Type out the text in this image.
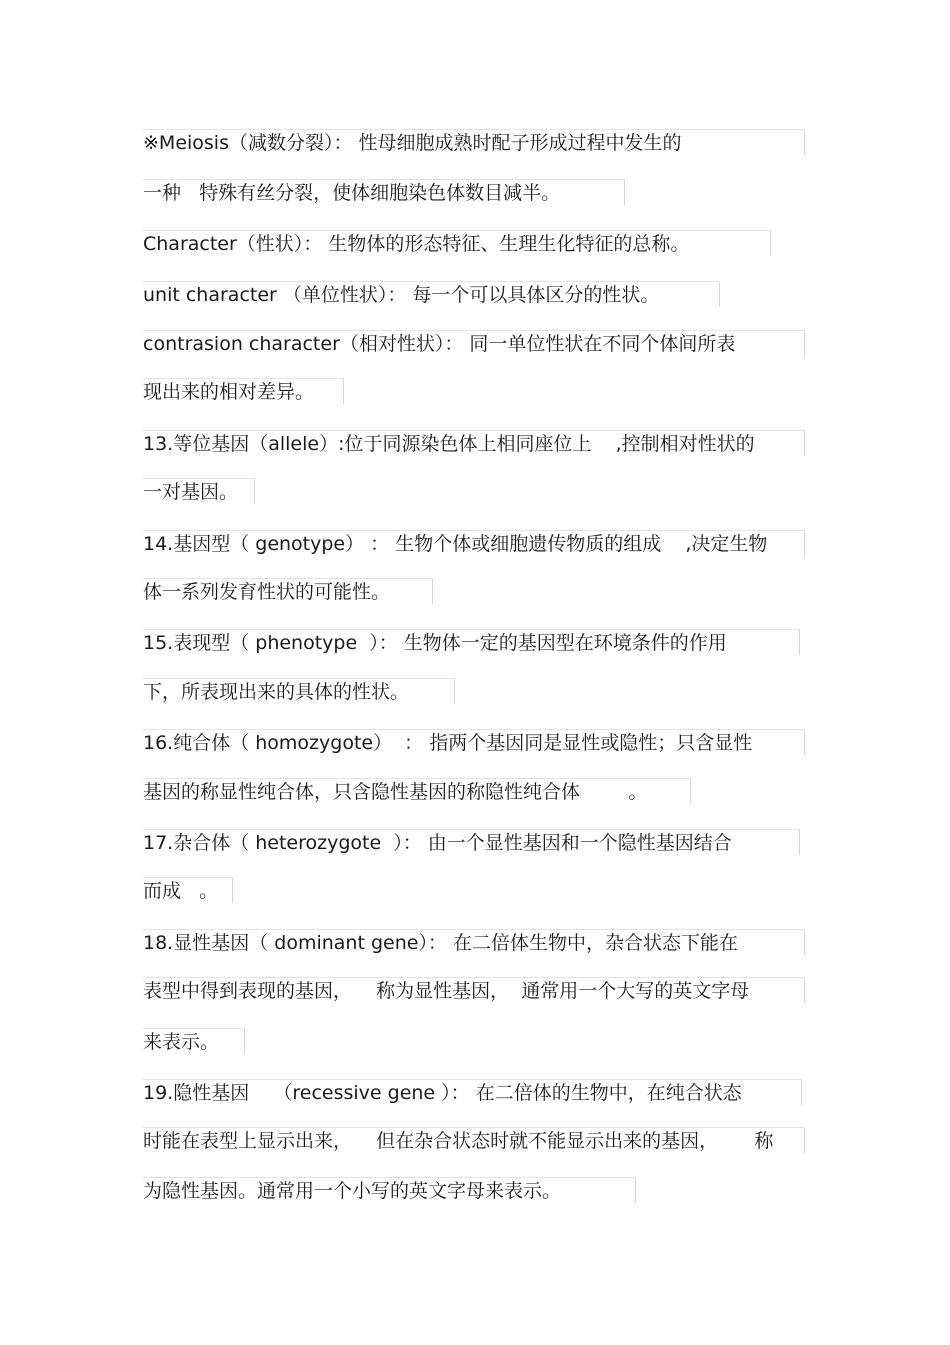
※Meiosis（减数分裂）： 性母细胞成熟时配子形成过程中发生的
一种   特殊有丝分裂，使体细胞染色体数目减半。
Character（性状）： 生物体的形态特征、生理生化特征的总称。
unit character （单位性状）： 每一个可以具体区分的性状。
contrasion character（相对性状）： 同一单位性状在不同个体间所表
现出来的相对差异。
13.等位基因（allele）:位于同源染色体上相同座位上    ,控制相对性状的
一对基因。
14.基因型（ genotype） ： 生物个体或细胞遗传物质的组成    ,决定生物
体一系列发育性状的可能性。
15.表现型（ phenotype  ）： 生物体一定的基因型在环境条件的作用
下，所表现出来的具体的性状。
16.纯合体（ homozygote）  ： 指两个基因同是显性或隐性；只含显性
基因的称显性纯合体，只含隐性基因的称隐性纯合体        。
17.杂合体（ heterozygote  ）： 由一个显性基因和一个隐性基因结合
而成   。
18.显性基因（ dominant gene）： 在二倍体生物中，杂合状态下能在
表型中得到表现的基因，    称为显性基因，  通常用一个大写的英文字母
来表示。
19.隐性基因    （recessive gene ）： 在二倍体的生物中，在纯合状态
时能在表型上显示出来，    但在杂合状态时就不能显示出来的基因，      称
为隐性基因。通常用一个小写的英文字母来表示。
